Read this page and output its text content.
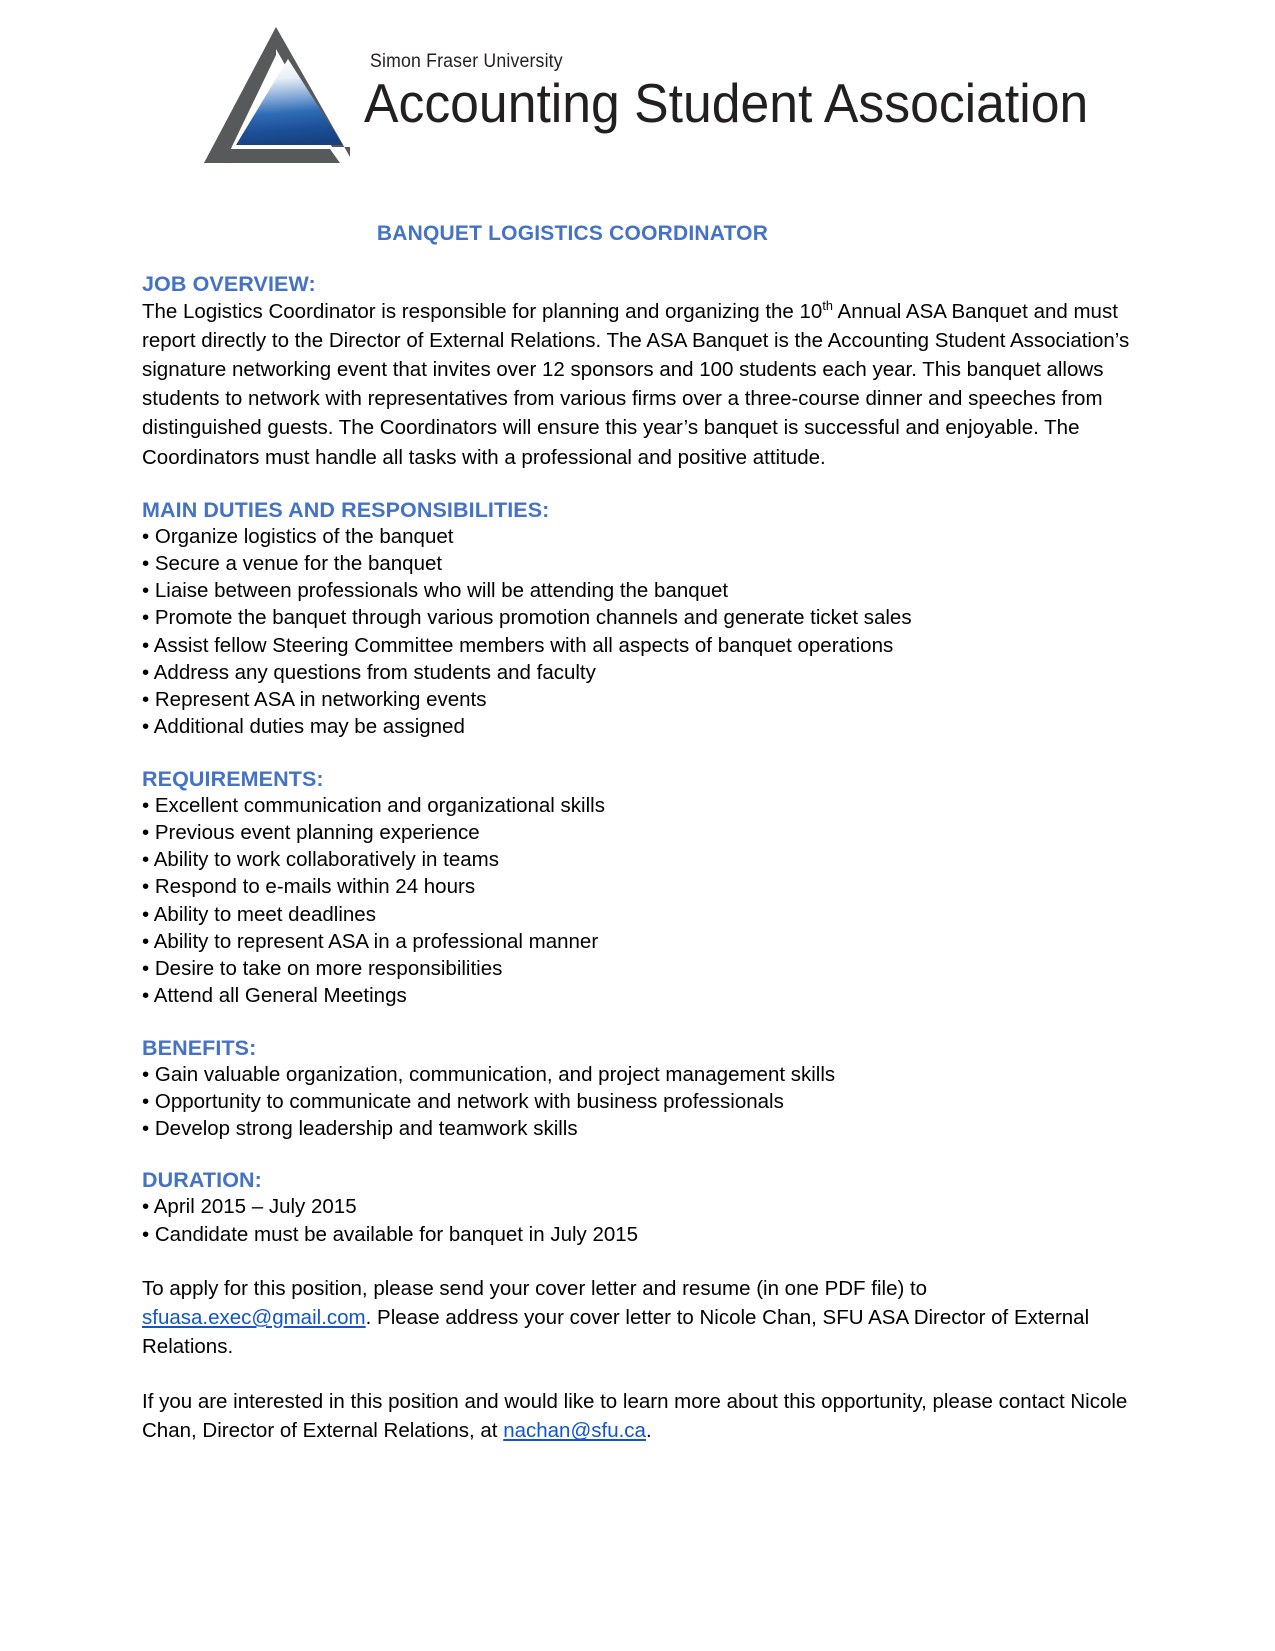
Simon Fraser University
Accounting Student Association
BANQUET LOGISTICS COORDINATOR
JOB OVERVIEW:

The Logistics Coordinator is responsible for planning and organizing the 10th Annual ASA Banquet and must report directly to the Director of External Relations. The ASA Banquet is the Accounting Student Association’s signature networking event that invites over 12 sponsors and 100 students each year. This banquet allows students to network with representatives from various firms over a three-course dinner and speeches from distinguished guests. The Coordinators will ensure this year’s banquet is successful and enjoyable. The Coordinators must handle all tasks with a professional and positive attitude.

MAIN DUTIES AND RESPONSIBILITIES:
• Organize logistics of the banquet
• Secure a venue for the banquet
• Liaise between professionals who will be attending the banquet
• Promote the banquet through various promotion channels and generate ticket sales
• Assist fellow Steering Committee members with all aspects of banquet operations
• Address any questions from students and faculty
• Represent ASA in networking events
• Additional duties may be assigned
REQUIREMENTS:
• Excellent communication and organizational skills
• Previous event planning experience
• Ability to work collaboratively in teams
• Respond to e-mails within 24 hours
• Ability to meet deadlines
• Ability to represent ASA in a professional manner
• Desire to take on more responsibilities
• Attend all General Meetings
BENEFITS:
• Gain valuable organization, communication, and project management skills
• Opportunity to communicate and network with business professionals
• Develop strong leadership and teamwork skills
DURATION:
• April 2015 – July 2015
• Candidate must be available for banquet in July 2015

To apply for this position, please send your cover letter and resume (in one PDF file) to sfuasa.exec@gmail.com. Please address your cover letter to Nicole Chan, SFU ASA Director of External Relations.

If you are interested in this position and would like to learn more about this opportunity, please contact Nicole Chan, Director of External Relations, at nachan@sfu.ca.
